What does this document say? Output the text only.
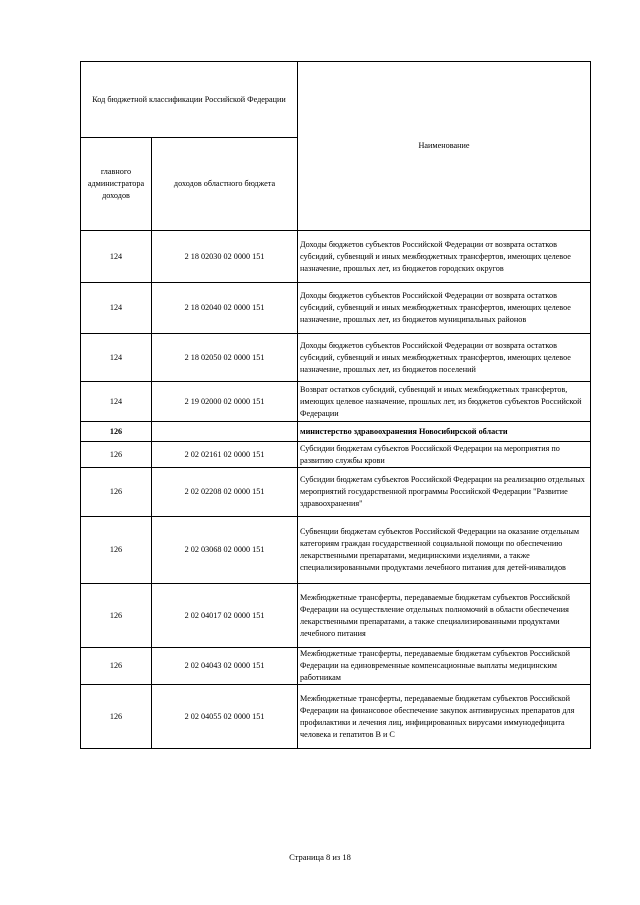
Код бюджетной классификации Российской Федерации		Наименование
главного администратора доходов	доходов областного бюджета	
124	2 18 02030 02 0000 151	Доходы бюджетов субъектов Российской Федерации от возврата остатков субсидий, субвенций и иных межбюджетных трансфертов, имеющих целевое назначение, прошлых лет, из бюджетов городских округов
124	2 18 02040 02 0000 151	Доходы бюджетов субъектов Российской Федерации от возврата остатков субсидий, субвенций и иных межбюджетных трансфертов, имеющих целевое назначение, прошлых лет, из бюджетов муниципальных районов
124	2 18 02050 02 0000 151	Доходы бюджетов субъектов Российской Федерации от возврата остатков субсидий, субвенций и иных межбюджетных трансфертов, имеющих целевое назначение, прошлых лет, из бюджетов поселений
124	2 19 02000 02 0000 151	Возврат остатков субсидий, субвенций и иных межбюджетных трансфертов, имеющих целевое назначение, прошлых лет, из бюджетов субъектов Российской Федерации
126		министерство здравоохранения Новосибирской области
126	2 02 02161 02 0000 151	Субсидии бюджетам субъектов Российской Федерации на мероприятия по развитию службы крови
126	2 02 02208 02 0000 151	Субсидии бюджетам субъектов Российской Федерации на реализацию отдельных мероприятий государственной программы Российской Федерации "Развитие здравоохранения"
126	2 02 03068 02 0000 151	Субвенции бюджетам субъектов Российской Федерации на оказание отдельным категориям граждан государственной социальной помощи по обеспечению лекарственными препаратами, медицинскими изделиями, а также специализированными продуктами лечебного питания для детей-инвалидов
126	2 02 04017 02 0000 151	Межбюджетные трансферты, передаваемые бюджетам субъектов Российской Федерации на осуществление отдельных полномочий в области обеспечения лекарственными препаратами, а также специализированными продуктами лечебного питания
126	2 02 04043 02 0000 151	Межбюджетные трансферты, передаваемые бюджетам субъектов Российской Федерации на единовременные компенсационные выплаты медицинским работникам
126	2 02 04055 02 0000 151	Межбюджетные трансферты, передаваемые бюджетам субъектов Российской Федерации на финансовое обеспечение закупок антивирусных препаратов для профилактики и лечения лиц, инфицированных вирусами иммунодефицита человека и гепатитов В и С
Страница 8 из 18
